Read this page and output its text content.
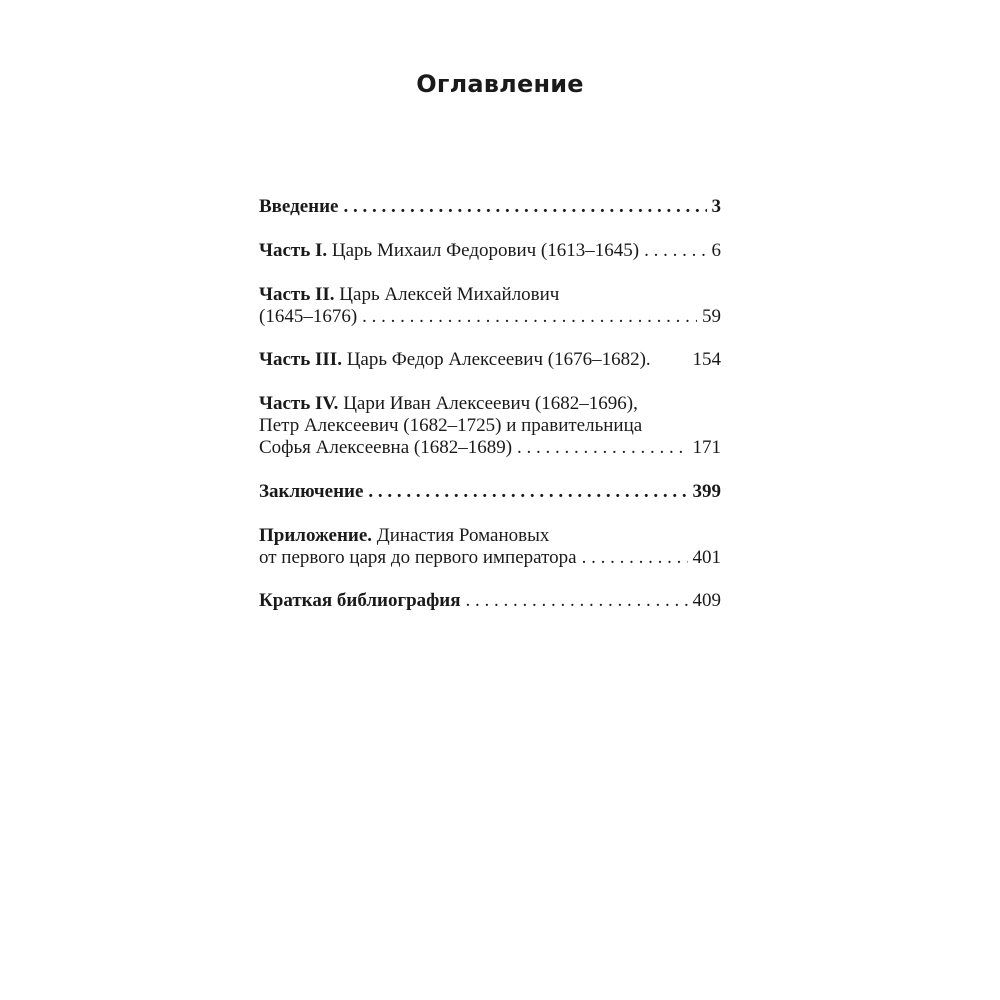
Оглавление
Введение . . .	3
Часть I.
Царь Михаил Федорович (1613–1645) . . .	6
Часть II.
Царь Алексей Михайлович
(1645–1676) . . .	59
Часть III.
Царь Федор Алексеевич (1676–1682). 154
Часть IV.
Цари Иван Алексеевич (1682–1696),
Петр Алексеевич (1682–1725) и правительница
Софья Алексеевна (1682–1689) . . .	171
Заключение . . .	399
Приложение.
Династия Романовых
от первого царя до первого императора . . .	401
Краткая библиография . . .	409
